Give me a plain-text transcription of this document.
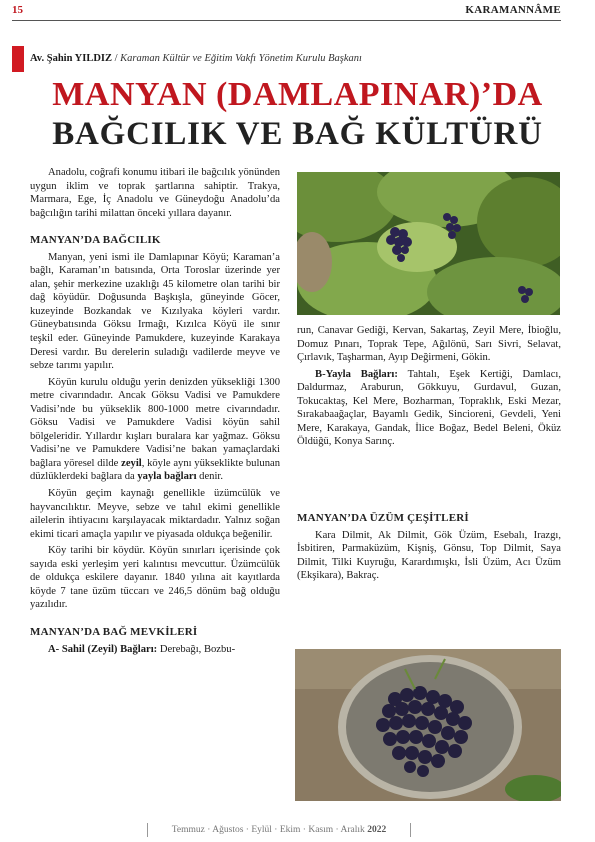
15	KARAMANNÂME
Av. Şahin YILDIZ / Karaman Kültür ve Eğitim Vakfı Yönetim Kurulu Başkanı
MANYAN (DAMLAPINAR)’DA
BAĞCILIK VE BAĞ KÜLTÜRÜ

Anadolu, coğrafi konumu itibari ile bağcılık yönünden uygun iklim ve toprak şartlarına sahiptir. Trakya, Marmara, Ege, İç Anadolu ve Güneydoğu Anadolu’da bağcılığın tarihi milattan önceki yıllara dayanır.

MANYAN’DA BAĞCILIK

Manyan, yeni ismi ile Damlapınar Köyü; Karaman’a bağlı, Karaman’ın batısında, Orta Toroslar üzerinde yer alan, şehir merkezine uzaklığı 45 kilometre olan tarihi bir dağ köyüdür. Doğusunda Başkışla, güneyinde Göcer, kuzeyinde Bozkandak ve Kızılyaka köyleri vardır. Güneybatısında Göksu Irmağı, Kızılca Köyü ile sınır teşkil eder. Güneyinde Pamukdere, kuzeyinde Karakaya Deresi vardır. Bu derelerin suladığı vadilerde meyve ve sebze tarımı yapılır.

Köyün kurulu olduğu yerin denizden yüksekliği 1300 metre civarındadır. Ancak Göksu Vadisi ve Pamukdere Vadisi’nde bu yükseklik 800-1000 metre civarındadır. Göksu Vadisi ve Pamukdere Vadisi köyün sahil bölgeleridir. Yıllardır kışları buralara kar yağmaz. Göksu Vadisi’ne ve Pamukdere Vadisi’ne bakan yamaçlardaki bağlara yöresel dilde zeyil, köyle aynı yükseklikte bulunan düzlüklerdeki bağlara da yayla bağları denir.

Köyün geçim kaynağı genellikle üzümcülük ve hayvancılıktır. Meyve, sebze ve tahıl ekimi genellikle ailelerin ihtiyacını karşılayacak miktardadır. Yalnız soğan ekimi ticari amaçla yapılır ve piyasada oldukça beğenilir.

Köy tarihi bir köydür. Köyün sınırları içerisinde çok sayıda eski yerleşim yeri kalıntısı mevcuttur. Üzümcülük de oldukça eskilere dayanır. 1840 yılına ait kayıtlarda köyde 7 tane üzüm tüccarı ve 246,5 dönüm bağ olduğu yazılıdır.

MANYAN’DA BAĞ MEVKİLERİ

A- Sahil (Zeyil) Bağları: Derebağı, Bozbu-

run, Canavar Gediği, Kervan, Sakartaş, Zeyil Mere, İbioğlu, Domuz Pınarı, Toprak Tepe, Ağılönü, Sarı Sivri, Selavat, Çırlavık, Taşharman, Ayıp Değirmeni, Gökin.

B-Yayla Bağları: Tahtalı, Eşek Kertiği, Damlacı, Daldurmaz, Araburun, Gökkuyu, Gurdavul, Guzan, Tokucaktaş, Kel Mere, Bozharman, Topraklık, Eski Mezar, Sırakabaağaçlar, Bayamlı Gedik, Sincioreni, Gevdeli, Yeni Mere, Karakaya, Gandak, İlice Boğaz, Bedel Beleni, Öküz Öldüğü, Konya Sarınç.

MANYAN’DA ÜZÜM ÇEŞİTLERİ

Kara Dilmit, Ak Dilmit, Gök Üzüm, Esebalı, Irazgı, İsbitiren, Parmaküzüm, Kişniş, Gönsu, Top Dilmit, Saya Dilmit, Tilki Kuyruğu, Karardımışkı, İsli Üzüm, Acı Üzüm (Ekşikara), Bakraç.

Temmuz · Ağustos · Eylül · Ekim · Kasım · Aralık 2022
